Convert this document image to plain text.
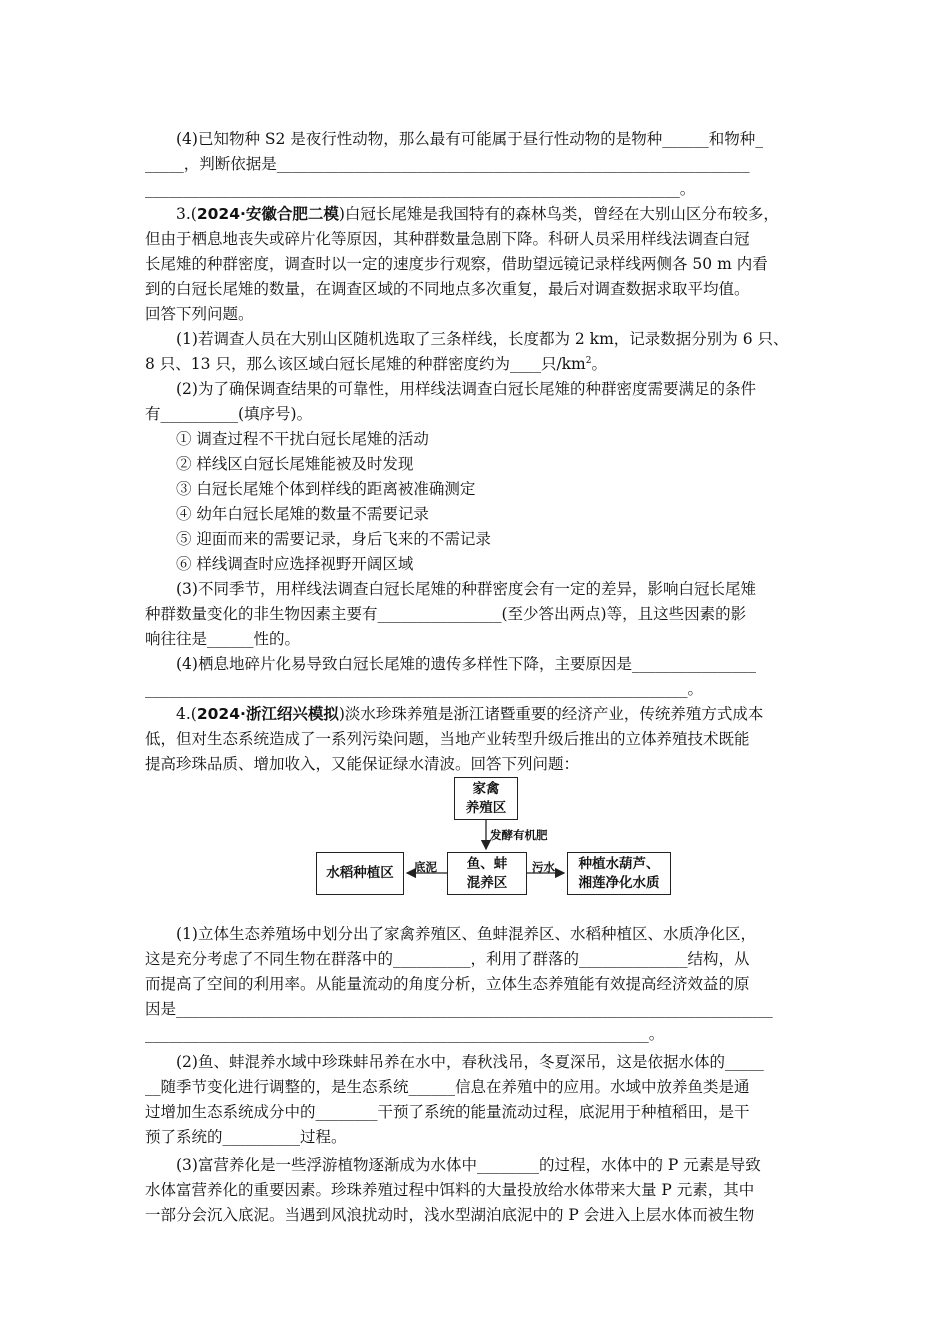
(4)已知物种 S2 是夜行性动物，那么最有可能属于昼行性动物的是物种______和物种_
_____，判断依据是_____________________________________________________________
_____________________________________________________________________。
3.(2024·安徽合肥二模)白冠长尾雉是我国特有的森林鸟类，曾经在大别山区分布较多，
但由于栖息地丧失或碎片化等原因，其种群数量急剧下降。科研人员采用样线法调查白冠
长尾雉的种群密度，调查时以一定的速度步行观察，借助望远镜记录样线两侧各 50 m 内看
到的白冠长尾雉的数量，在调查区域的不同地点多次重复，最后对调查数据求取平均值。
回答下列问题。
(1)若调查人员在大别山区随机选取了三条样线，长度都为 2 km，记录数据分别为 6 只、
8 只、13 只，那么该区域白冠长尾雉的种群密度约为____只$/km^2$。
(2)为了确保调查结果的可靠性，用样线法调查白冠长尾雉的种群密度需要满足的条件
有__________(填序号)。
① 调查过程不干扰白冠长尾雉的活动
② 样线区白冠长尾雉能被及时发现
③ 白冠长尾雉个体到样线的距离被准确测定
④ 幼年白冠长尾雉的数量不需要记录
⑤ 迎面而来的需要记录，身后飞来的不需记录
⑥ 样线调查时应选择视野开阔区域
(3)不同季节，用样线法调查白冠长尾雉的种群密度会有一定的差异，影响白冠长尾雉
种群数量变化的非生物因素主要有________________(至少答出两点)等，且这些因素的影
响往往是______性的。
(4)栖息地碎片化易导致白冠长尾雉的遗传多样性下降，主要原因是________________
______________________________________________________________________。
4.(2024·浙江绍兴模拟)淡水珍珠养殖是浙江诸暨重要的经济产业，传统养殖方式成本
低，但对生态系统造成了一系列污染问题，当地产业转型升级后推出的立体养殖技术既能
提高珍珠品质、增加收入，又能保证绿水清波。回答下列问题：
家禽
养殖区
鱼、蚌
混养区
水稻种植区
种植水葫芦、
湘莲净化水质
发酵有机肥
底泥	污水
(1)立体生态养殖场中划分出了家禽养殖区、鱼蚌混养区、水稻种植区、水质净化区，
这是充分考虑了不同生物在群落中的__________，利用了群落的______________结构，从
而提高了空间的利用率。从能量流动的角度分析，立体生态养殖能有效提高经济效益的原
因是_____________________________________________________________________________
_________________________________________________________________。
(2)鱼、蚌混养水域中珍珠蚌吊养在水中，春秋浅吊，冬夏深吊，这是依据水体的_____
__随季节变化进行调整的，是生态系统______信息在养殖中的应用。水域中放养鱼类是通
过增加生态系统成分中的________干预了系统的能量流动过程，底泥用于种植稻田，是干
预了系统的__________过程。
(3)富营养化是一些浮游植物逐渐成为水体中________的过程，水体中的 P 元素是导致
水体富营养化的重要因素。珍珠养殖过程中饵料的大量投放给水体带来大量 P 元素，其中
一部分会沉入底泥。当遇到风浪扰动时，浅水型湖泊底泥中的 P 会进入上层水体而被生物
